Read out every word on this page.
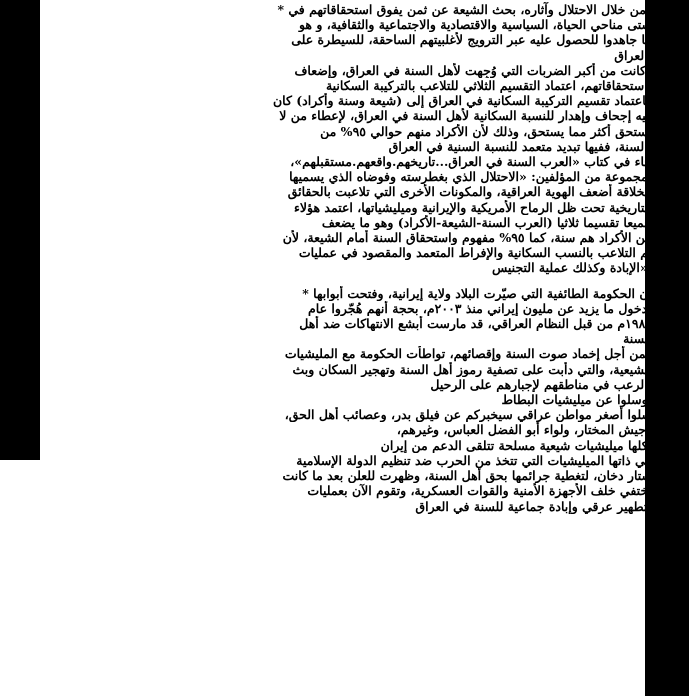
ومن خلال الاحتلال وآثاره، بحث الشيعة عن ثمن يفوق استحقاقاتهم في *

شتى مناحي الحياة، السياسية والاقتصادية والاجتماعية والثقافية، و هو

ما جاهدوا للحصول عليه عبر الترويج لأغلبيتهم الساحقة، للسيطرة على

.العراق

وكانت من أكبر الضربات التي وُجِهت لأهل السنة في العراق، وإضعاف

.استحقاقاتهم، اعتماد التقسيم الثلاثي للتلاعب بالتركيبة السكانية

فاعتماد تقسيم التركيبة السكانية في العراق إلى (شيعة وسنة وأكراد) كان

فيه إجحاف وإهدار للنسبة السكانية لأهل السنة في العراق، لإعطاء من لا

يستحق أكثر مما يستحق، وذلك لأن الأكراد منهم حوالي ٩٥% من

.السنة، ففيها تبديد متعمد للنسبة السنية في العراق

جاء في كتاب «العرب السنة في العراق...تاريخهم.واقعهم.مستقبلهم»،

لمجموعة من المؤلفين: «الاحتلال الذي بغطرسته وفوضاه الذي يسميها

الخلاقة أضعف الهوية العراقية، والمكونات الأخرى التي تلاعبت بالحقائق

التاريخية تحت ظل الرماح الأمريكية والإيرانية وميليشياتها، اعتمد هؤلاء

جميعا تقسيما ثلاثيا (العرب السنة-الشيعة-الأكراد) وهو ما يضعف

من الأكراد هم سنة، كما ٩٥% مفهوم واستحقاق السنة أمام الشيعة، لأن

تم التلاعب بالنسب السكانية والإفراط المتعمد والمقصود في عمليات

.«الإبادة وكذلك عملية التجنيس

إن الحكومة الطائفية التي صيّرت البلاد ولاية إيرانية، وفتحت أبوابها *

لدخول ما يزيد عن مليون إيراني منذ ٢٠٠٣م، بحجة أنهم هُجّروا عام

١٩٨١م من قبل النظام العراقي، قد مارست أبشع الانتهاكات ضد أهل

السنة

فمن أجل إخماد صوت السنة وإقصائهم، تواطأت الحكومة مع المليشيات

الشيعية، والتي دأبت على تصفية رموز أهل السنة وتهجير السكان وبث

.الرعب في مناطقهم لإجبارهم على الرحيل

.وسلوا عن ميليشيات البطاط

سلوا أصغر مواطن عراقي سيخبركم عن فيلق بدر، وعصائب أهل الحق،

وجيش المختار، ولواء أبو الفضل العباس، وغيرهم،

.كلها ميليشيات شيعية مسلحة تتلقى الدعم من إيران

هي ذاتها الميليشيات التي تتخذ من الحرب ضد تنظيم الدولة الإسلامية

ستار دخان، لتغطية جرائمها بحق أهل السنة، وظهرت للعلن بعد ما كانت

تختفي خلف الأجهزة الأمنية والقوات العسكرية، وتقوم الآن بعمليات

:تطهير عرقي وإبادة جماعية للسنة في العراق
